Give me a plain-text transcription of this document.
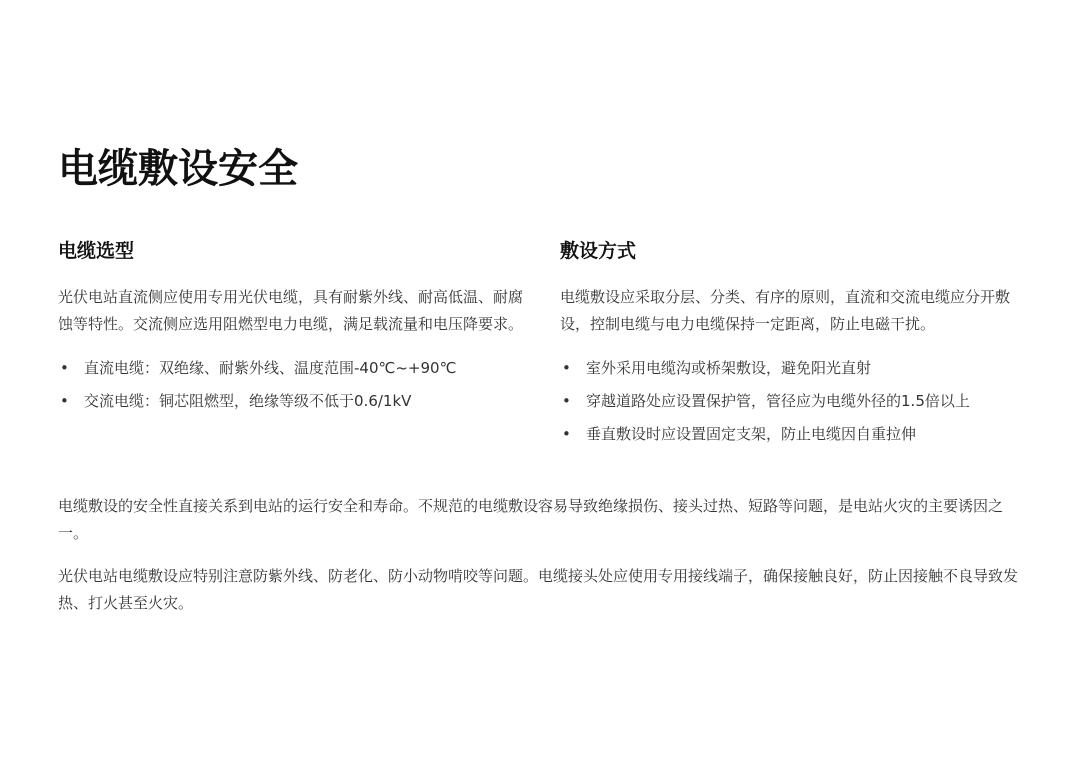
电缆敷设安全
电缆选型

光伏电站直流侧应使用专用光伏电缆，具有耐紫外线、耐高低温、耐腐蚀等特性。交流侧应选用阻燃型电力电缆，满足载流量和电压降要求。

• 直流电缆：双绝缘、耐紫外线、温度范围-40℃~+90℃
• 交流电缆：铜芯阻燃型，绝缘等级不低于0.6/1kV
敷设方式

电缆敷设应采取分层、分类、有序的原则，直流和交流电缆应分开敷设，控制电缆与电力电缆保持一定距离，防止电磁干扰。

• 室外采用电缆沟或桥架敷设，避免阳光直射
• 穿越道路处应设置保护管，管径应为电缆外径的1.5倍以上
• 垂直敷设时应设置固定支架，防止电缆因自重拉伸

电缆敷设的安全性直接关系到电站的运行安全和寿命。不规范的电缆敷设容易导致绝缘损伤、接头过热、短路等问题，是电站火灾的主要诱因之一。

光伏电站电缆敷设应特别注意防紫外线、防老化、防小动物啃咬等问题。电缆接头处应使用专用接线端子，确保接触良好，防止因接触不良导致发热、打火甚至火灾。
